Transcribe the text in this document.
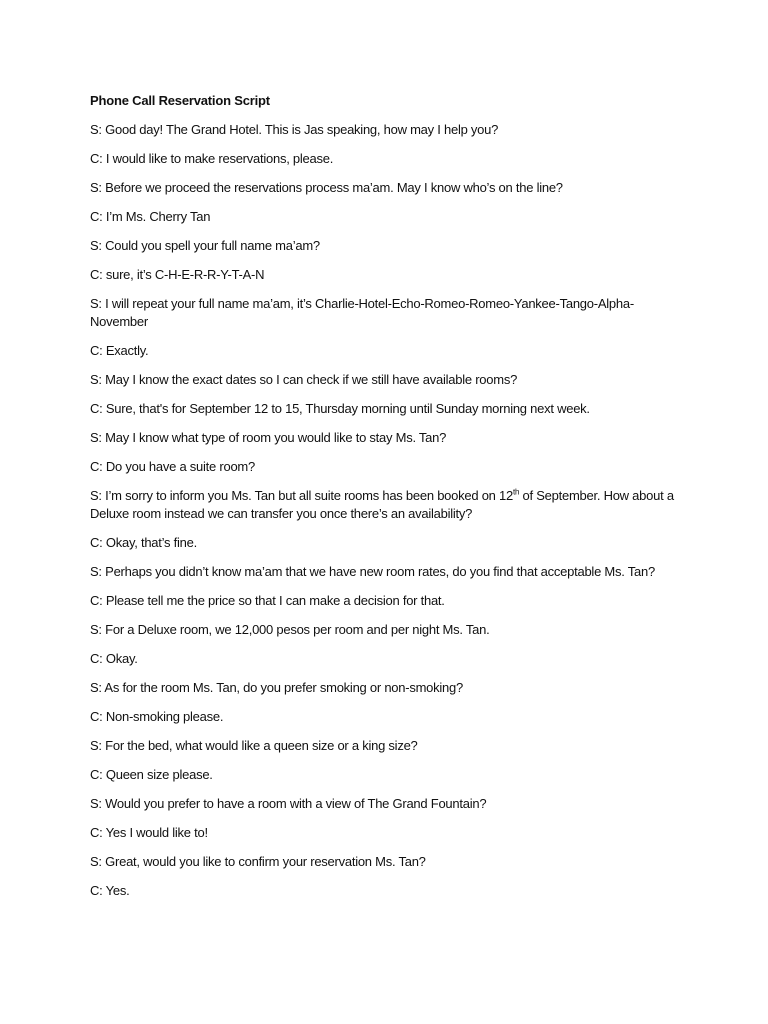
Phone Call Reservation Script
S: Good day! The Grand Hotel. This is Jas speaking, how may I help you?
C: I would like to make reservations, please.
S: Before we proceed the reservations process ma’am. May I know who’s on the line?
C: I’m Ms. Cherry Tan
S: Could you spell your full name ma’am?
C: sure, it’s C-H-E-R-R-Y-T-A-N
S: I will repeat your full name ma’am, it’s Charlie-Hotel-Echo-Romeo-Romeo-Yankee-Tango-Alpha-November
C: Exactly.
S: May I know the exact dates so I can check if we still have available rooms?
C: Sure, that's for September 12 to 15, Thursday morning until Sunday morning next week.
S: May I know what type of room you would like to stay Ms. Tan?
C: Do you have a suite room?
S: I’m sorry to inform you Ms. Tan but all suite rooms has been booked on 12th of September. How about a Deluxe room instead we can transfer you once there’s an availability?
C: Okay, that’s fine.
S: Perhaps you didn’t know ma’am that we have new room rates, do you find that acceptable Ms. Tan?
C: Please tell me the price so that I can make a decision for that.
S: For a Deluxe room, we 12,000 pesos per room and per night Ms. Tan.
C: Okay.
S: As for the room Ms. Tan, do you prefer smoking or non-smoking?
C: Non-smoking please.
S: For the bed, what would like a queen size or a king size?
C: Queen size please.
S: Would you prefer to have a room with a view of The Grand Fountain?
C: Yes I would like to!
S: Great, would you like to confirm your reservation Ms. Tan?
C: Yes.
